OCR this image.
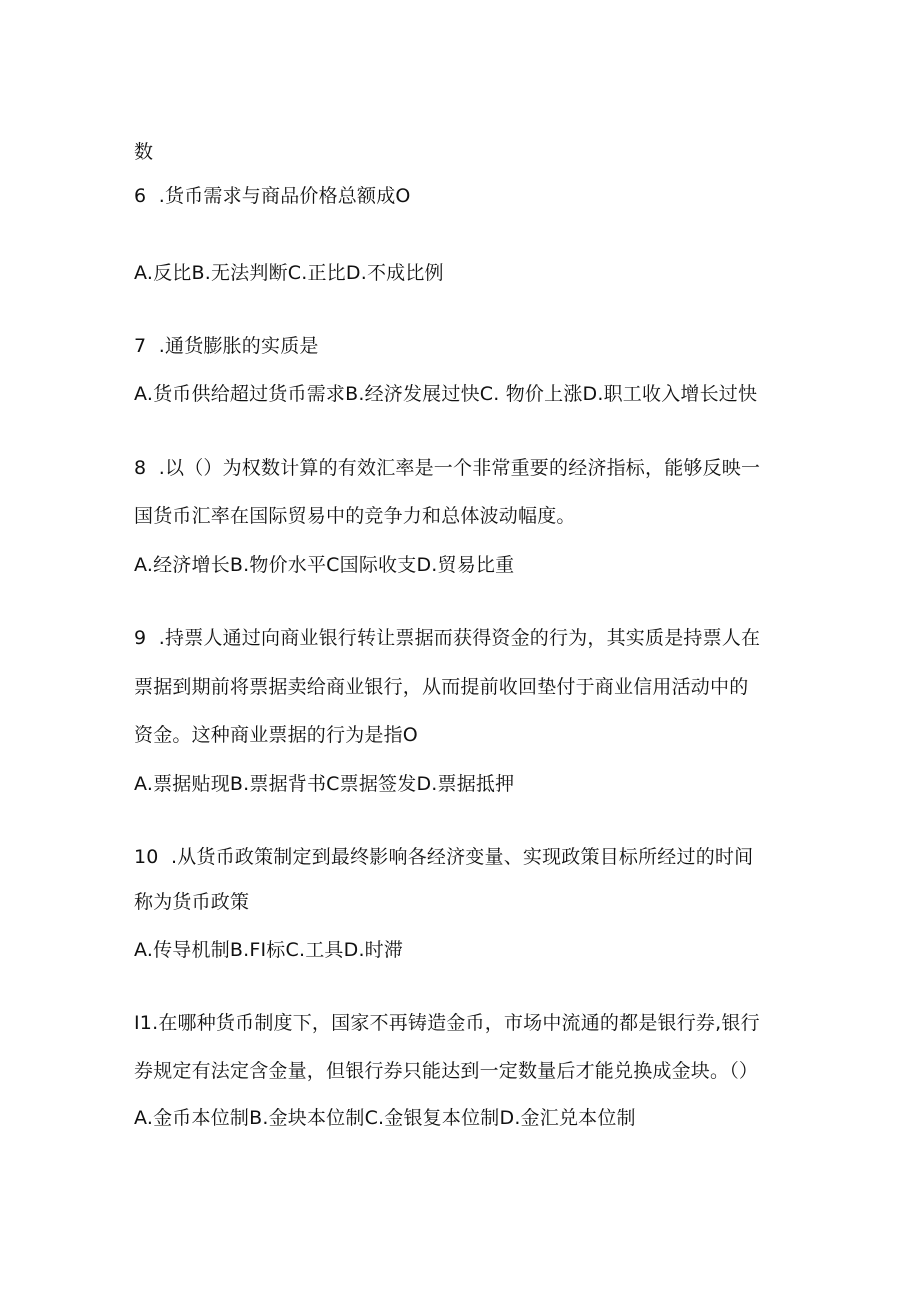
数
6  .货币需求与商品价格总额成O
A.反比B.无法判断C.正比D.不成比例
7  .通货膨胀的实质是
A.货币供给超过货币需求B.经济发展过快C. 物价上涨D.职工收入增长过快
8  .以（）为权数计算的有效汇率是一个非常重要的经济指标，能够反映一
国货币汇率在国际贸易中的竞争力和总体波动幅度。
A.经济增长B.物价水平C国际收支D.贸易比重
9  .持票人通过向商业银行转让票据而获得资金的行为，其实质是持票人在
票据到期前将票据卖给商业银行，从而提前收回垫付于商业信用活动中的
资金。这种商业票据的行为是指O
A.票据贴现B.票据背书C票据签发D.票据抵押
10  .从货币政策制定到最终影响各经济变量、实现政策目标所经过的时间
称为货币政策
A.传导机制B.FI标C.工具D.时滞
I1.在哪种货币制度下，国家不再铸造金币，市场中流通的都是银行券,银行
券规定有法定含金量，但银行券只能达到一定数量后才能兑换成金块。（）
A.金币本位制B.金块本位制C.金银复本位制D.金汇兑本位制
